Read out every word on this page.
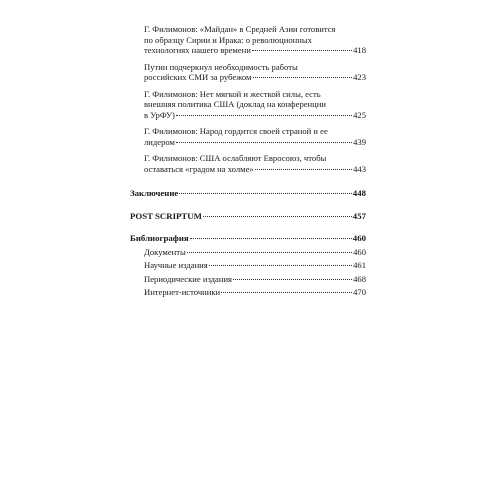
Г. Филимонов: «Майдан» в Средней Азии готовится
по образцу Сирии и Ирака: о революционных
технологиях нашего времени	418
Путин подчеркнул необходимость работы
российских СМИ за рубежом	423
Г. Филимонов: Нет мягкой и жесткой силы, есть
внешняя политика США (доклад на конференции
в УрФУ)	425
Г. Филимонов: Народ гордится своей страной и ее
лидером	439
Г. Филимонов: США ослабляют Евросоюз, чтобы
оставаться «градом на холме»	443
Заключение	448
POST SCRIPTUM	457
Библиография	460
Документы	460
Научные издания	461
Периодические издания	468
Интернет-источники	470
